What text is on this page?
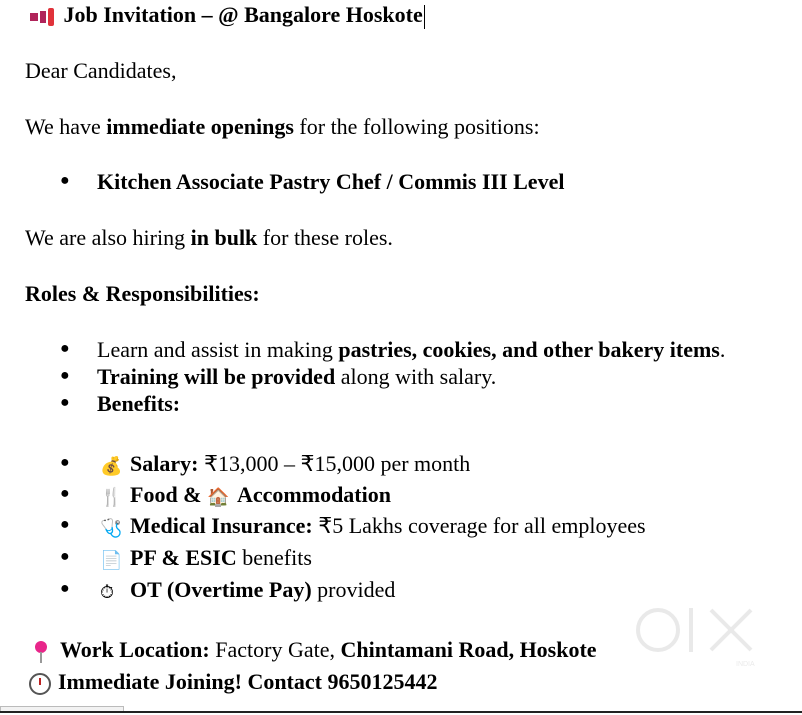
Job Invitation – @ Bangalore Hoskote
Dear Candidates,
We have immediate openings for the following positions:
● Kitchen Associate Pastry Chef / Commis III Level
We are also hiring in bulk for these roles.
Roles & Responsibilities:
● Learn and assist in making pastries, cookies, and other bakery items.
● Training will be provided along with salary.
● Benefits:
● 💰 Salary: ₹13,000 – ₹15,000 per month
● 🍴 Food & 🏠 Accommodation
● 🩺 Medical Insurance: ₹5 Lakhs coverage for all employees
● 📄 PF & ESIC benefits
● ⏱ OT (Overtime Pay) provided
Work Location: Factory Gate, Chintamani Road, Hoskote
Immediate Joining! Contact 9650125442
INDIA
